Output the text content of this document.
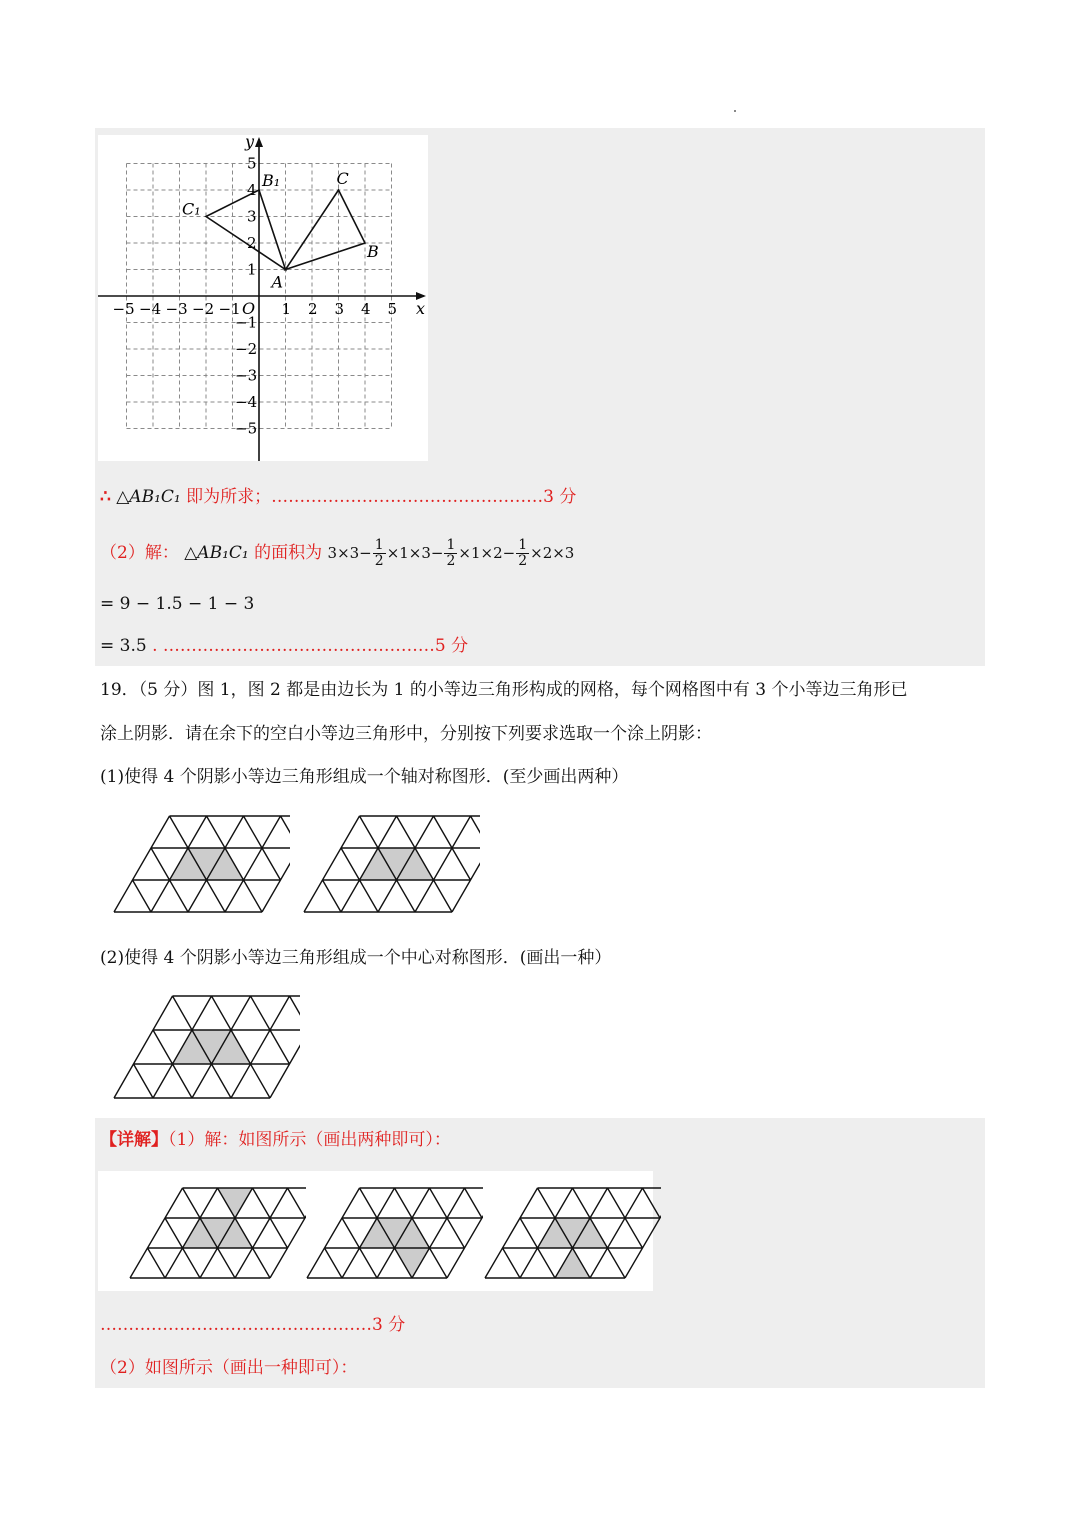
y
x
O
−5 −4 −3 −2 −1	1 2 3 4 5
5
4
3
2
1
−1
−2
−3
−4
−5
A
B
C
B₁
C₁
∴ △AB₁C₁ 即为所求；…………………………………………3 分
（2）解： △AB₁C₁ 的面积为 $3\times 3- \frac{1}{2} \times 1\times 3- \frac{1}{2} \times 1\times 2- \frac{1}{2} \times 2\times 3$
= 9 − 1.5 − 1 − 3
= 3.5 . …………………………………………5 分
19．（5 分）图 1，图 2 都是由边长为 1 的小等边三角形构成的网格，每个网格图中有 3 个小等边三角形已
涂上阴影．请在余下的空白小等边三角形中，分别按下列要求选取一个涂上阴影：
(1)使得 4 个阴影小等边三角形组成一个轴对称图形．(至少画出两种）
(2)使得 4 个阴影小等边三角形组成一个中心对称图形．(画出一种）
【详解】（1）解：如图所示（画出两种即可）：
…………………………………………3 分
（2）如图所示（画出一种即可）：
